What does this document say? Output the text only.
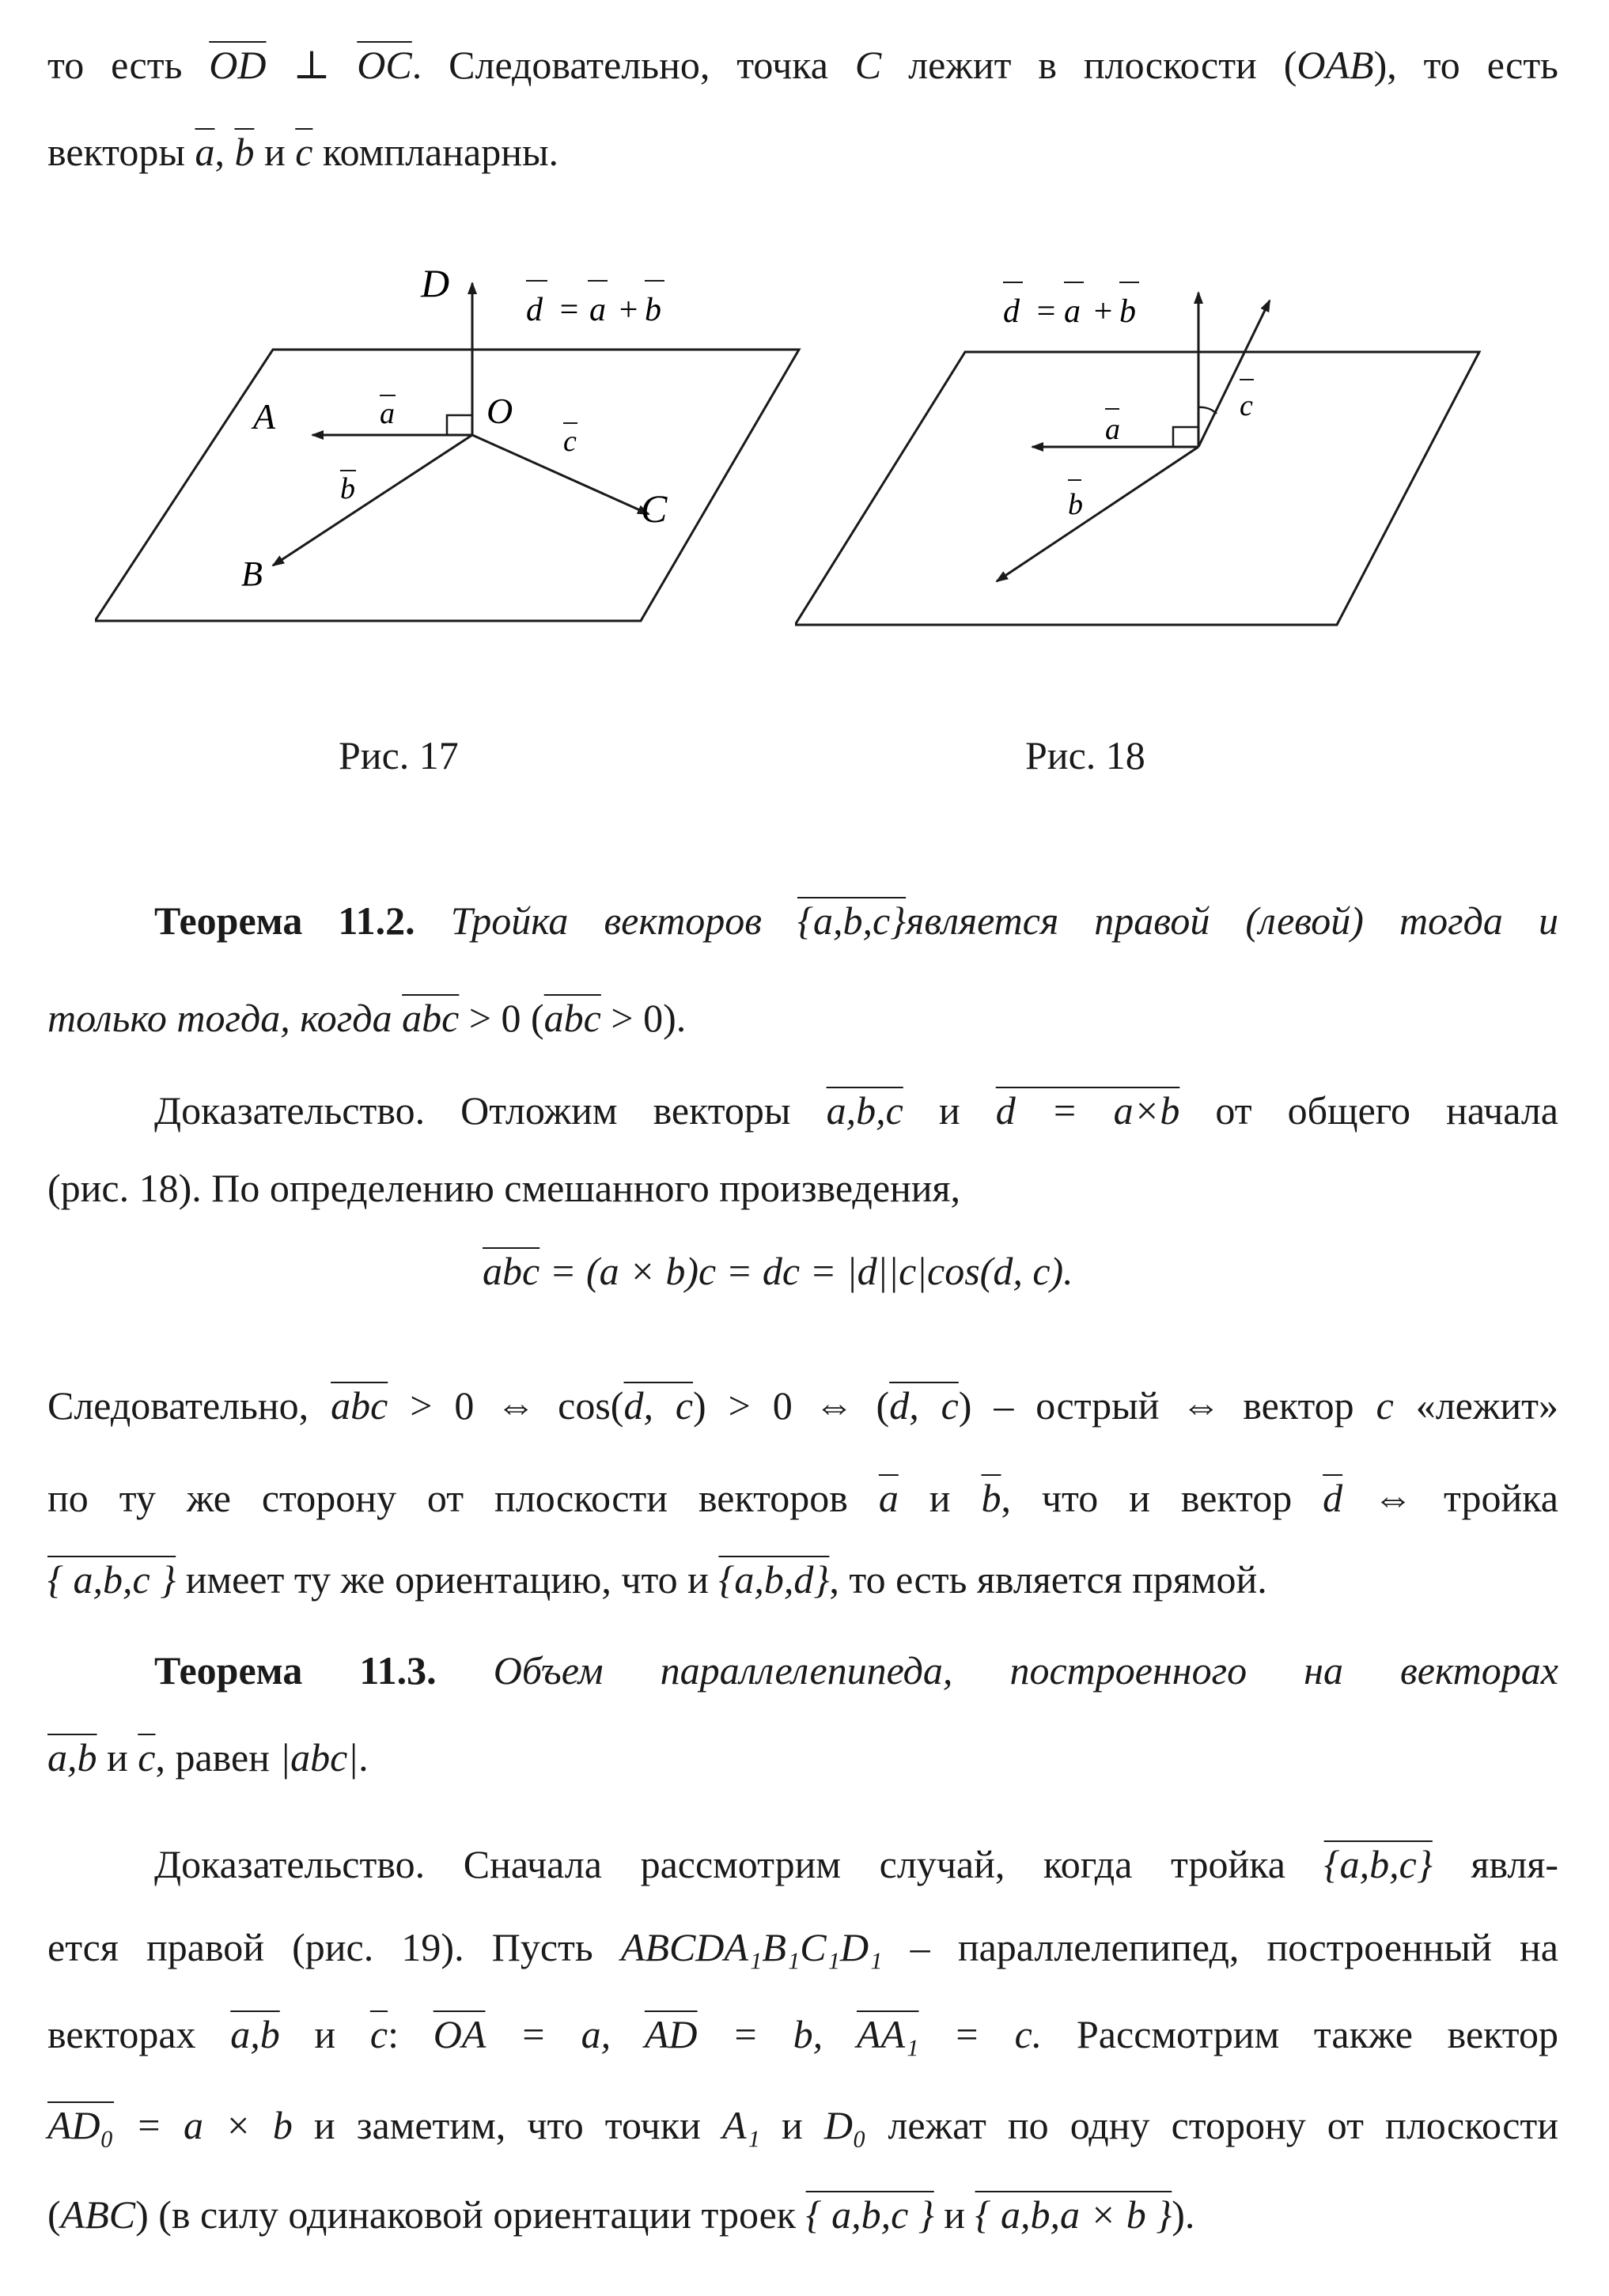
то есть $\overline{OD}$ ⊥ $\overline{OC}$. Следовательно, точка C лежит в плоскости (OAB), то есть
векторы $\overline{a}$, $\overline{b}$ и $\overline{c}$ компланарны.
D
A	O
B
C
a
b
c
d = a + b	d = a + b
c
a
b
Рис. 17	Рис. 18
Теорема 11.2. Тройка векторов {a,b,c}является правой (левой) тогда и
только тогда, когда $\overline{abc} > 0$ $(\overline{abc} > 0)$.
Доказательство. Отложим векторы a,b,c и d = a×b от общего начала
(рис. 18). По определению смешанного произведения,
$\overline{abc} = (a \times b)c$ = dc = |d||c|cos(d, c).
Следовательно, $\overline{abc} > 0$ ⇔ cos(d, c) > 0 ⇔ (d, c) – острый ⇔ вектор c «лежит»
по ту же сторону от плоскости векторов $\overline{a}$ и $\overline{b}$, что и вектор $\overline{d}$ ⇔ тройка
{ a,b,c } имеет ту же ориентацию, что и {a,b,d}, то есть является прямой.
Теорема 11.3. Объем параллелепипеда, построенного на векторах
a,b и $\overline{c}$, равен |abc|.
Доказательство. Сначала рассмотрим случай, когда тройка {a,b,c} явля-
ется правой (рис. 19). Пусть ABCDA₁B₁C₁D₁ – параллелепипед, построенный на
векторах a,b и $\overline{c}$: $\overline{OA} = a$, $\overline{AD} = b$, AA₁ = c. Рассмотрим также вектор
AD₀ = a × b и заметим, что точки A₁ и D₀ лежат по одну сторону от плоскости
(ABC) (в силу одинаковой ориентации троек { a,b,c } и { a,b,a × b }).
